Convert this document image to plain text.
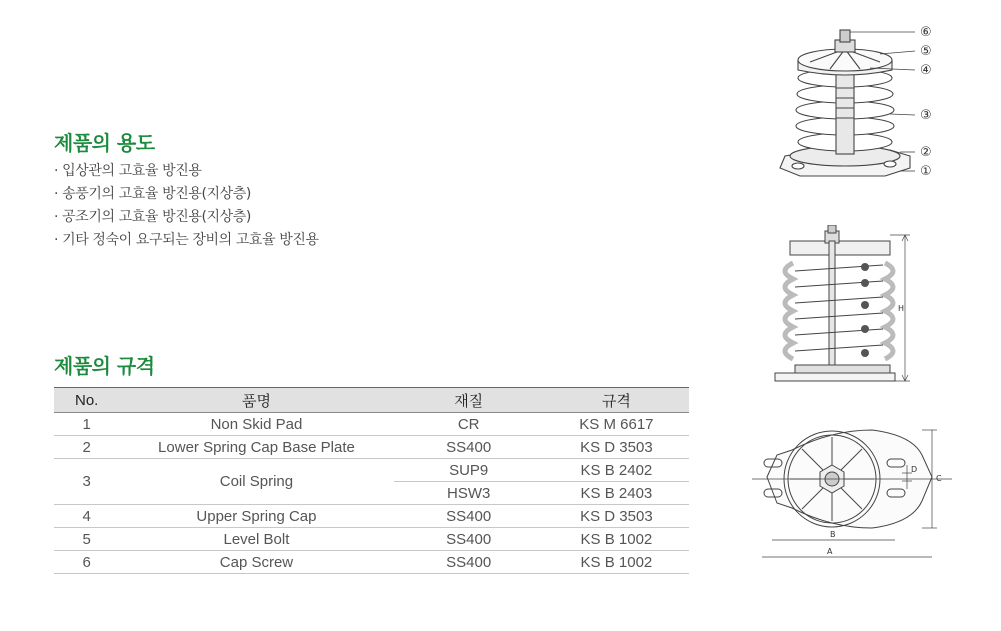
제품의 용도
· 입상관의 고효율 방진용
· 송풍기의 고효율 방진용(지상층)
· 공조기의 고효율 방진용(지상층)
· 기타 정숙이 요구되는 장비의 고효율 방진용
제품의 규격
No.	품명	재질	규격
1	Non Skid Pad	CR	KS M 6617
2	Lower Spring Cap Base Plate	SS400	KS D 3503
3	Coil Spring	SUP9	KS B 2402
		HSW3	KS B 2403
4	Upper Spring Cap	SS400	KS D 3503
5	Level Bolt	SS400	KS B 1002
6	Cap Screw	SS400	KS B 1002
⑥
⑤
④
③
②
①
H
B
A
C
D
